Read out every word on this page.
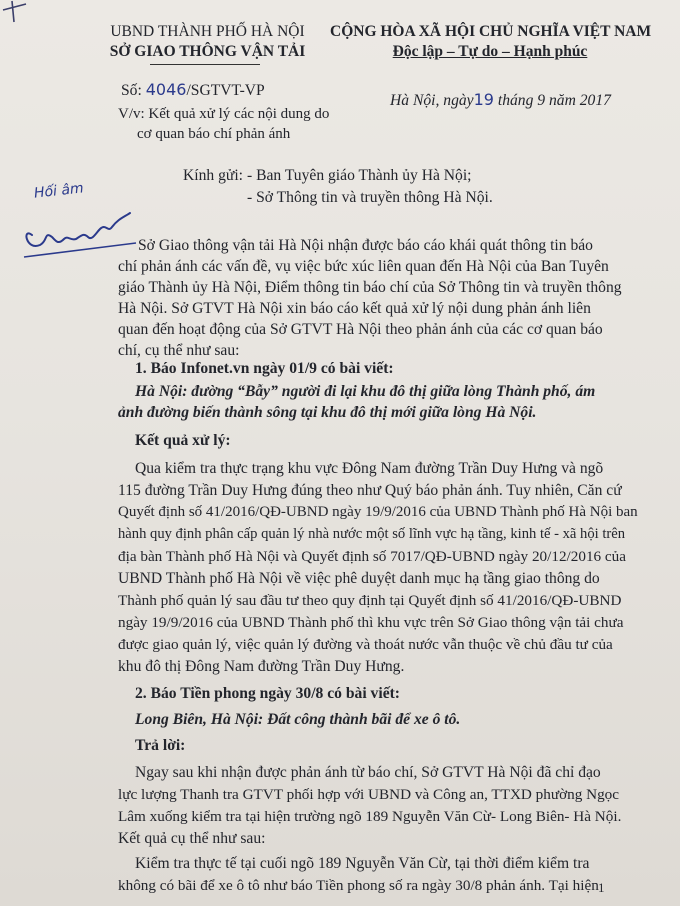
UBND THÀNH PHỐ HÀ NỘI
SỞ GIAO THÔNG VẬN TẢI
CỘNG HÒA XÃ HỘI CHỦ NGHĨA VIỆT NAM
Độc lập – Tự do – Hạnh phúc
Số: 4046/SGTVT-VP
Hà Nội, ngày19 tháng 9 năm 2017
V/v: Kết quả xử lý các nội dung do
cơ quan báo chí phản ánh
Kính gửi: - Ban Tuyên giáo Thành ủy Hà Nội;
- Sở Thông tin và truyền thông Hà Nội.
Hối âm
Sở Giao thông vận tải Hà Nội nhận được báo cáo khái quát thông tin báo
chí phản ánh các vấn đề, vụ việc bức xúc liên quan đến Hà Nội của Ban Tuyên
giáo Thành ủy Hà Nội, Điểm thông tin báo chí của Sở Thông tin và truyền thông
Hà Nội. Sở GTVT Hà Nội xin báo cáo kết quả xử lý nội dung phản ánh liên
quan đến hoạt động của Sở GTVT Hà Nội theo phản ánh của các cơ quan báo
chí, cụ thể như sau:
1. Báo Infonet.vn ngày 01/9 có bài viết:
Hà Nội: đường “Bẫy” người đi lại khu đô thị giữa lòng Thành phố, ám
ảnh đường biến thành sông tại khu đô thị mới giữa lòng Hà Nội.
Kết quả xử lý:
Qua kiểm tra thực trạng khu vực Đông Nam đường Trần Duy Hưng và ngõ
115 đường Trần Duy Hưng đúng theo như Quý báo phản ánh. Tuy nhiên, Căn cứ
Quyết định số 41/2016/QĐ-UBND ngày 19/9/2016 của UBND Thành phố Hà Nội ban
hành quy định phân cấp quản lý nhà nước một số lĩnh vực hạ tầng, kinh tế - xã hội trên
địa bàn Thành phố Hà Nội và Quyết định số 7017/QĐ-UBND ngày 20/12/2016 của
UBND Thành phố Hà Nội về việc phê duyệt danh mục hạ tầng giao thông do
Thành phố quản lý sau đầu tư theo quy định tại Quyết định số 41/2016/QĐ-UBND
ngày 19/9/2016 của UBND Thành phố thì khu vực trên Sở Giao thông vận tải chưa
được giao quản lý, việc quản lý đường và thoát nước vẫn thuộc về chủ đầu tư của
khu đô thị Đông Nam đường Trần Duy Hưng.
2. Báo Tiền phong ngày 30/8 có bài viết:
Long Biên, Hà Nội: Đất công thành bãi để xe ô tô.
Trả lời:
Ngay sau khi nhận được phản ánh từ báo chí, Sở GTVT Hà Nội đã chỉ đạo
lực lượng Thanh tra GTVT phối hợp với UBND và Công an, TTXD phường Ngọc
Lâm xuống kiểm tra tại hiện trường ngõ 189 Nguyễn Văn Cừ- Long Biên- Hà Nội.
Kết quả cụ thể như sau:
Kiểm tra thực tế tại cuối ngõ 189 Nguyễn Văn Cừ, tại thời điểm kiểm tra
không có bãi để xe ô tô như báo Tiền phong số ra ngày 30/8 phản ánh. Tại hiện 1
